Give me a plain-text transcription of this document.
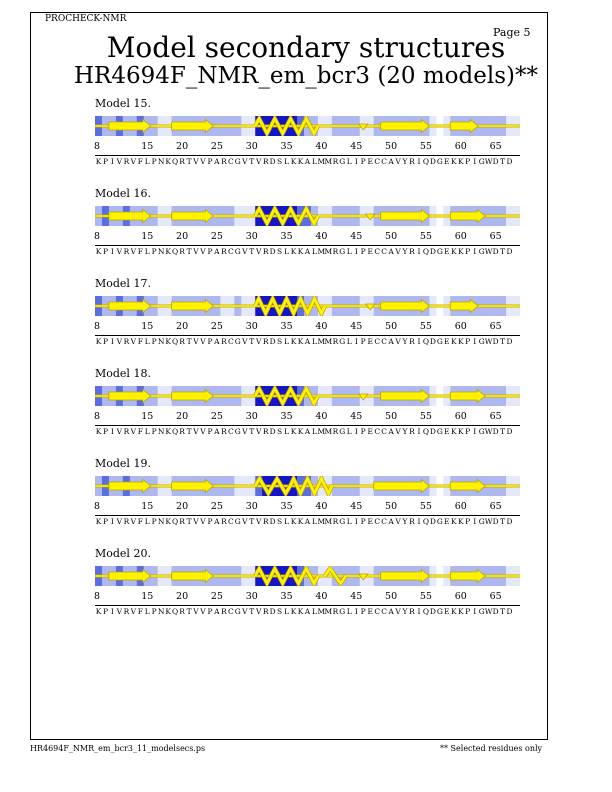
PROCHECK-NMR
Page 5
Model secondary structures
HR4694F_NMR_em_bcr3 (20 models)**
Model 15.
8	15 20 25 30 35 40 45 50 55 60 65
K P I V R V F L P N K Q R T V V P A R C G V T V R D S L K K A L M M R G L I P E C C A V Y R I Q D G E K K P I G W D T D
Model 16.
8	15 20 25 30 35 40 45 50 55 60 65
K P I V R V F L P N K Q R T V V P A R C G V T V R D S L K K A L M M R G L I P E C C A V Y R I Q D G E K K P I G W D T D
Model 17.
8	15 20 25 30 35 40 45 50 55 60 65
K P I V R V F L P N K Q R T V V P A R C G V T V R D S L K K A L M M R G L I P E C C A V Y R I Q D G E K K P I G W D T D
Model 18.
8	15 20 25 30 35 40 45 50 55 60 65
K P I V R V F L P N K Q R T V V P A R C G V T V R D S L K K A L M M R G L I P E C C A V Y R I Q D G E K K P I G W D T D
Model 19.
8	15 20 25 30 35 40 45 50 55 60 65
K P I V R V F L P N K Q R T V V P A R C G V T V R D S L K K A L M M R G L I P E C C A V Y R I Q D G E K K P I G W D T D
Model 20.
8	15 20 25 30 35 40 45 50 55 60 65
K P I V R V F L P N K Q R T V V P A R C G V T V R D S L K K A L M M R G L I P E C C A V Y R I Q D G E K K P I G W D T D
HR4694F_NMR_em_bcr3_11_modelsecs.ps	** Selected residues only
